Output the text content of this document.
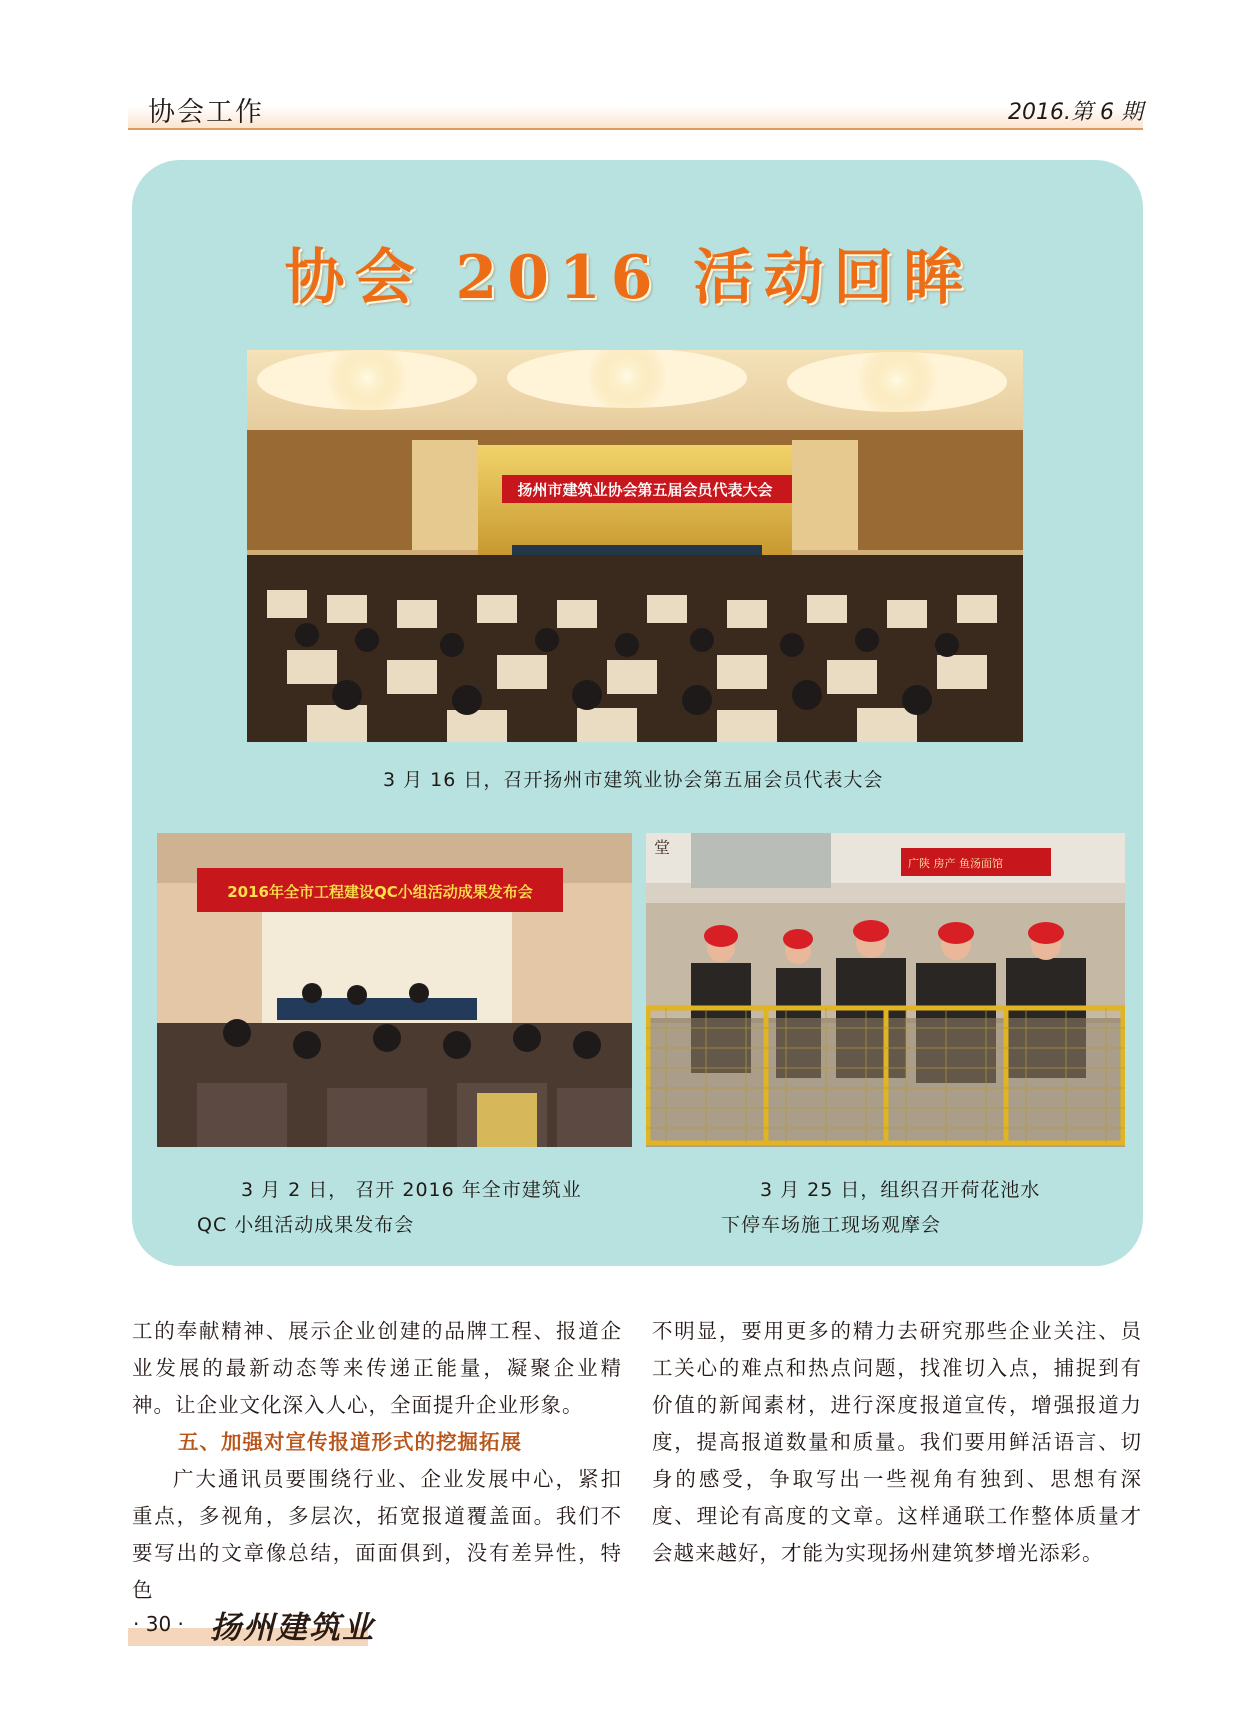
协会工作	2016.第 6 期
协会 2016 活动回眸
扬州市建筑业协会第五届会员代表大会
3 月 16 日，召开扬州市建筑业协会第五届会员代表大会
2016年全市工程建设QC小组活动成果发布会
QC 小组活动成果发布会
3 月 2 日， 召开 2016 年全市建筑业
堂
广陕 房产 鱼汤面馆
3 月 25 日，组织召开荷花池水
下停车场施工现场观摩会

工的奉献精神、展示企业创建的品牌工程、报道企业发展的最新动态等来传递正能量，凝聚企业精神。让企业文化深入人心，全面提升企业形象。

五、加强对宣传报道形式的挖掘拓展

广大通讯员要围绕行业、企业发展中心，紧扣重点，多视角，多层次，拓宽报道覆盖面。我们不要写出的文章像总结，面面俱到，没有差异性，特色

不明显，要用更多的精力去研究那些企业关注、员工关心的难点和热点问题，找准切入点，捕捉到有价值的新闻素材，进行深度报道宣传，增强报道力度，提高报道数量和质量。我们要用鲜活语言、切身的感受，争取写出一些视角有独到、思想有深度、理论有高度的文章。这样通联工作整体质量才会越来越好，才能为实现扬州建筑梦增光添彩。

· 30 · 扬州建筑业
